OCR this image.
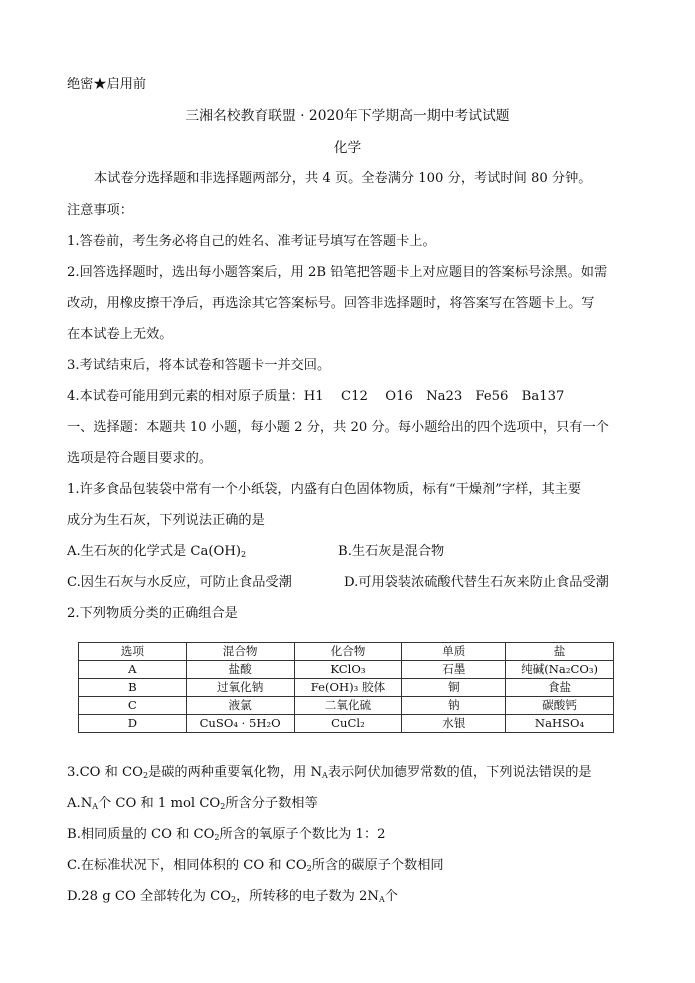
绝密★启用前
三湘名校教育联盟 · 2020年下学期高一期中考试试题
化学
本试卷分选择题和非选择题两部分，共 4 页。全卷满分 100 分，考试时间 80 分钟。
注意事项：
1.答卷前，考生务必将自己的姓名、准考证号填写在答题卡上。
2.回答选择题时，选出每小题答案后，用 2B 铅笔把答题卡上对应题目的答案标号涂黑。如需
改动，用橡皮擦干净后，再选涂其它答案标号。回答非选择题时，将答案写在答题卡上。写
在本试卷上无效。
3.考试结束后，将本试卷和答题卡一并交回。
4.本试卷可能用到元素的相对原子质量：H1　 C12　 O16　Na23　Fe56　Ba137
一、选择题：本题共 10 小题，每小题 2 分，共 20 分。每小题给出的四个选项中，只有一个
选项是符合题目要求的。
1.许多食品包装袋中常有一个小纸袋，内盛有白色固体物质，标有“干燥剂”字样，其主要
成分为生石灰，下列说法正确的是
A.生石灰的化学式是 $Ca(OH)_2$	B.生石灰是混合物
C.因生石灰与水反应，可防止食品受潮	D.可用袋装浓硫酸代替生石灰来防止食品受潮
2.下列物质分类的正确组合是
选项	混合物	化合物	单质	盐
A	盐酸	KClO₃	石墨	纯碱(Na₂CO₃)
B	过氧化钠	Fe(OH)₃ 胶体	铜	食盐
C	液氯	二氧化硫	钠	碳酸钙
D	CuSO₄ · 5H₂O	CuCl₂	水银	NaHSO₄
3.CO 和 $CO_2$是碳的两种重要氧化物，用 $N_A$表示阿伏加德罗常数的值，下列说法错误的是
$A.N_A$个 CO 和 1 mol $CO_2$所含分子数相等
B.相同质量的 CO 和 $CO_2$所含的氧原子个数比为 1：2
C.在标准状况下，相同体积的 CO 和 $CO_2$所含的碳原子个数相同
D.28 g CO 全部转化为 $CO_2$，所转移的电子数为 $2N_A$个
